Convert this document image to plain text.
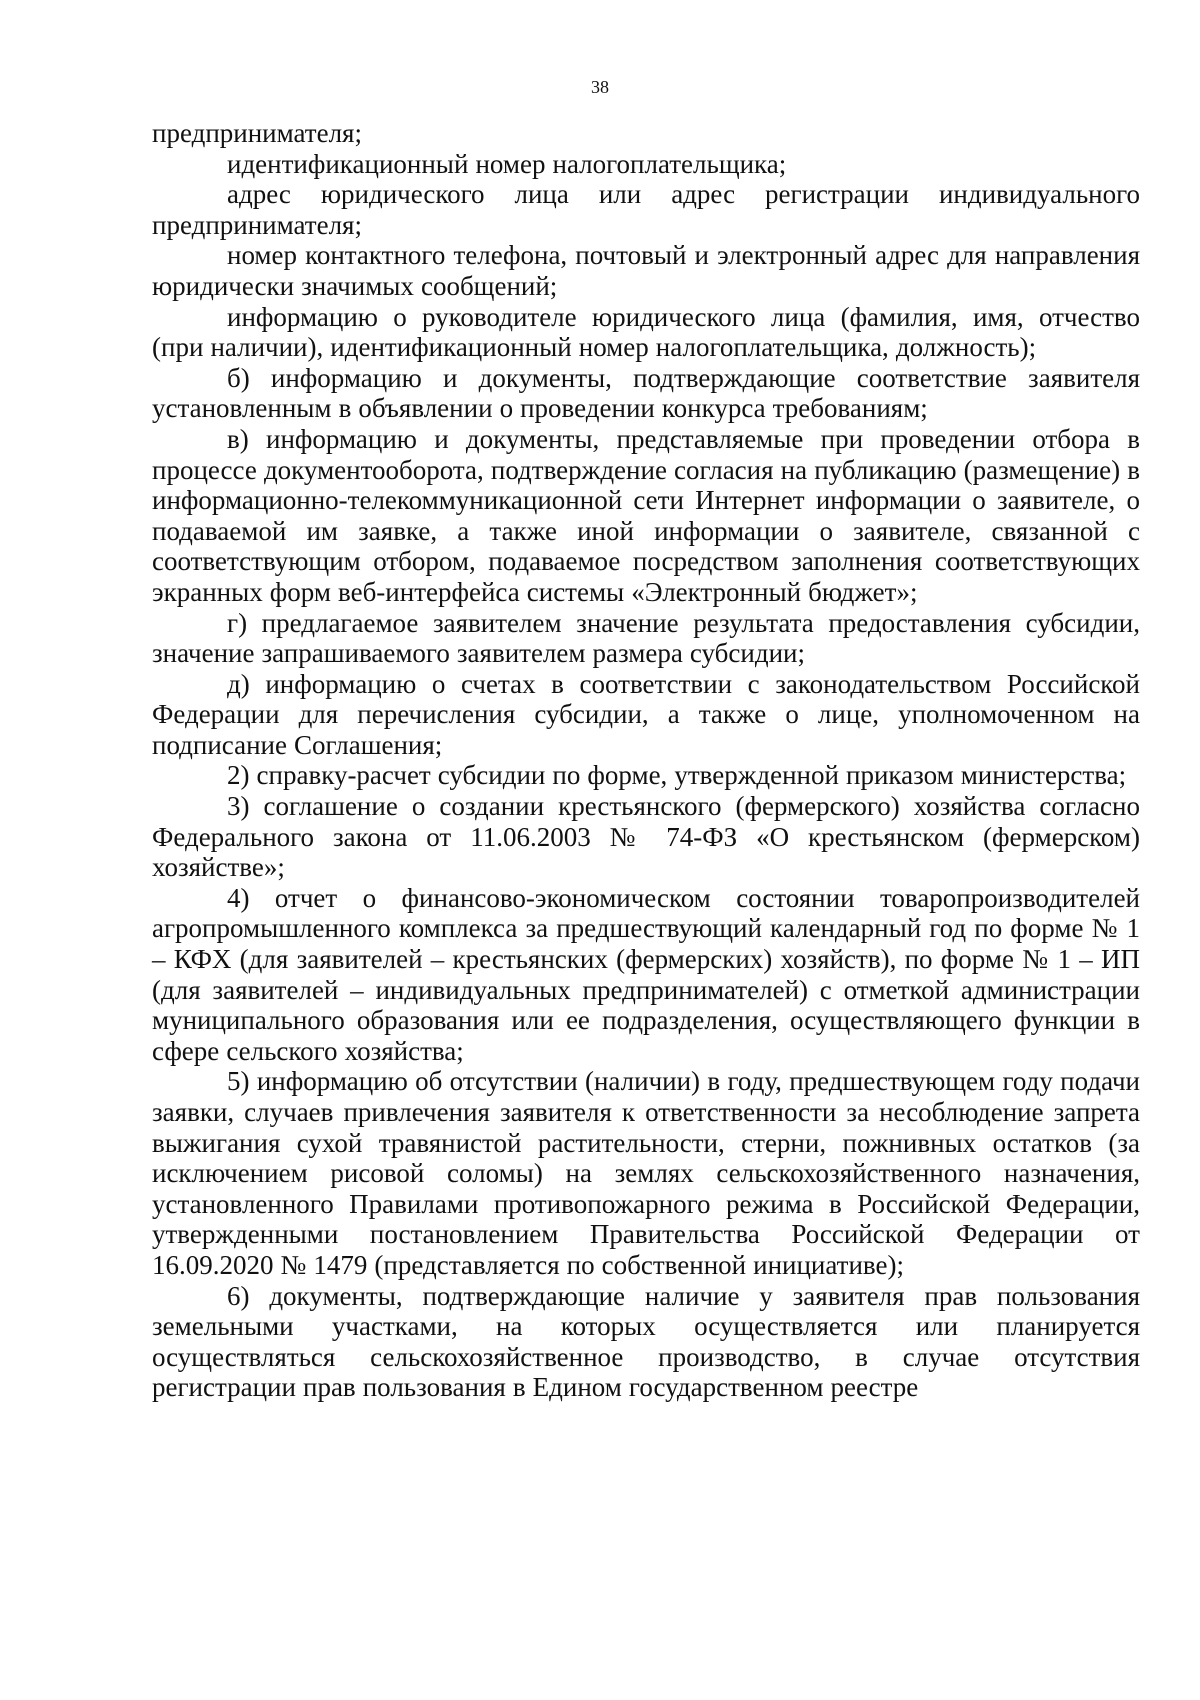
38

предпринимателя;

идентификационный номер налогоплательщика;

адрес юридического лица или адрес регистрации индивидуального предпринимателя;

номер контактного телефона, почтовый и электронный адрес для направления юридически значимых сообщений;

информацию о руководителе юридического лица (фамилия, имя, отчество (при наличии), идентификационный номер налогоплательщика, должность);

б) информацию и документы, подтверждающие соответствие заявителя установленным в объявлении о проведении конкурса требованиям;

в) информацию и документы, представляемые при проведении отбора в процессе документооборота, подтверждение согласия на публикацию (размещение) в информационно-телекоммуникационной сети Интернет информации о заявителе, о подаваемой им заявке, а также иной информации о заявителе, связанной с соответствующим отбором, подаваемое посредством заполнения соответствующих экранных форм веб-интерфейса системы «Электронный бюджет»;

г) предлагаемое заявителем значение результата предоставления субсидии, значение запрашиваемого заявителем размера субсидии;

д) информацию о счетах в соответствии с законодательством Российской Федерации для перечисления субсидии, а также о лице, уполномоченном на подписание Соглашения;

2) справку-расчет субсидии по форме, утвержденной приказом министерства;

3) соглашение о создании крестьянского (фермерского) хозяйства согласно Федерального закона от 11.06.2003 № 74-ФЗ «О крестьянском (фермерском) хозяйстве»;

4) отчет о финансово-экономическом состоянии товаропроизводителей агропромышленного комплекса за предшествующий календарный год по форме № 1 – КФХ (для заявителей – крестьянских (фермерских) хозяйств), по форме № 1 – ИП (для заявителей – индивидуальных предпринимателей) с отметкой администрации муниципального образования или ее подразделения, осуществляющего функции в сфере сельского хозяйства;

5) информацию об отсутствии (наличии) в году, предшествующем году подачи заявки, случаев привлечения заявителя к ответственности за несоблюдение запрета выжигания сухой травянистой растительности, стерни, пожнивных остатков (за исключением рисовой соломы) на землях сельскохозяйственного назначения, установленного Правилами противопожарного режима в Российской Федерации, утвержденными постановлением Правительства Российской Федерации от 16.09.2020 № 1479 (представляется по собственной инициативе);

6) документы, подтверждающие наличие у заявителя прав пользования земельными участками, на которых осуществляется или планируется осуществляться сельскохозяйственное производство, в случае отсутствия регистрации прав пользования в Едином государственном реестре
